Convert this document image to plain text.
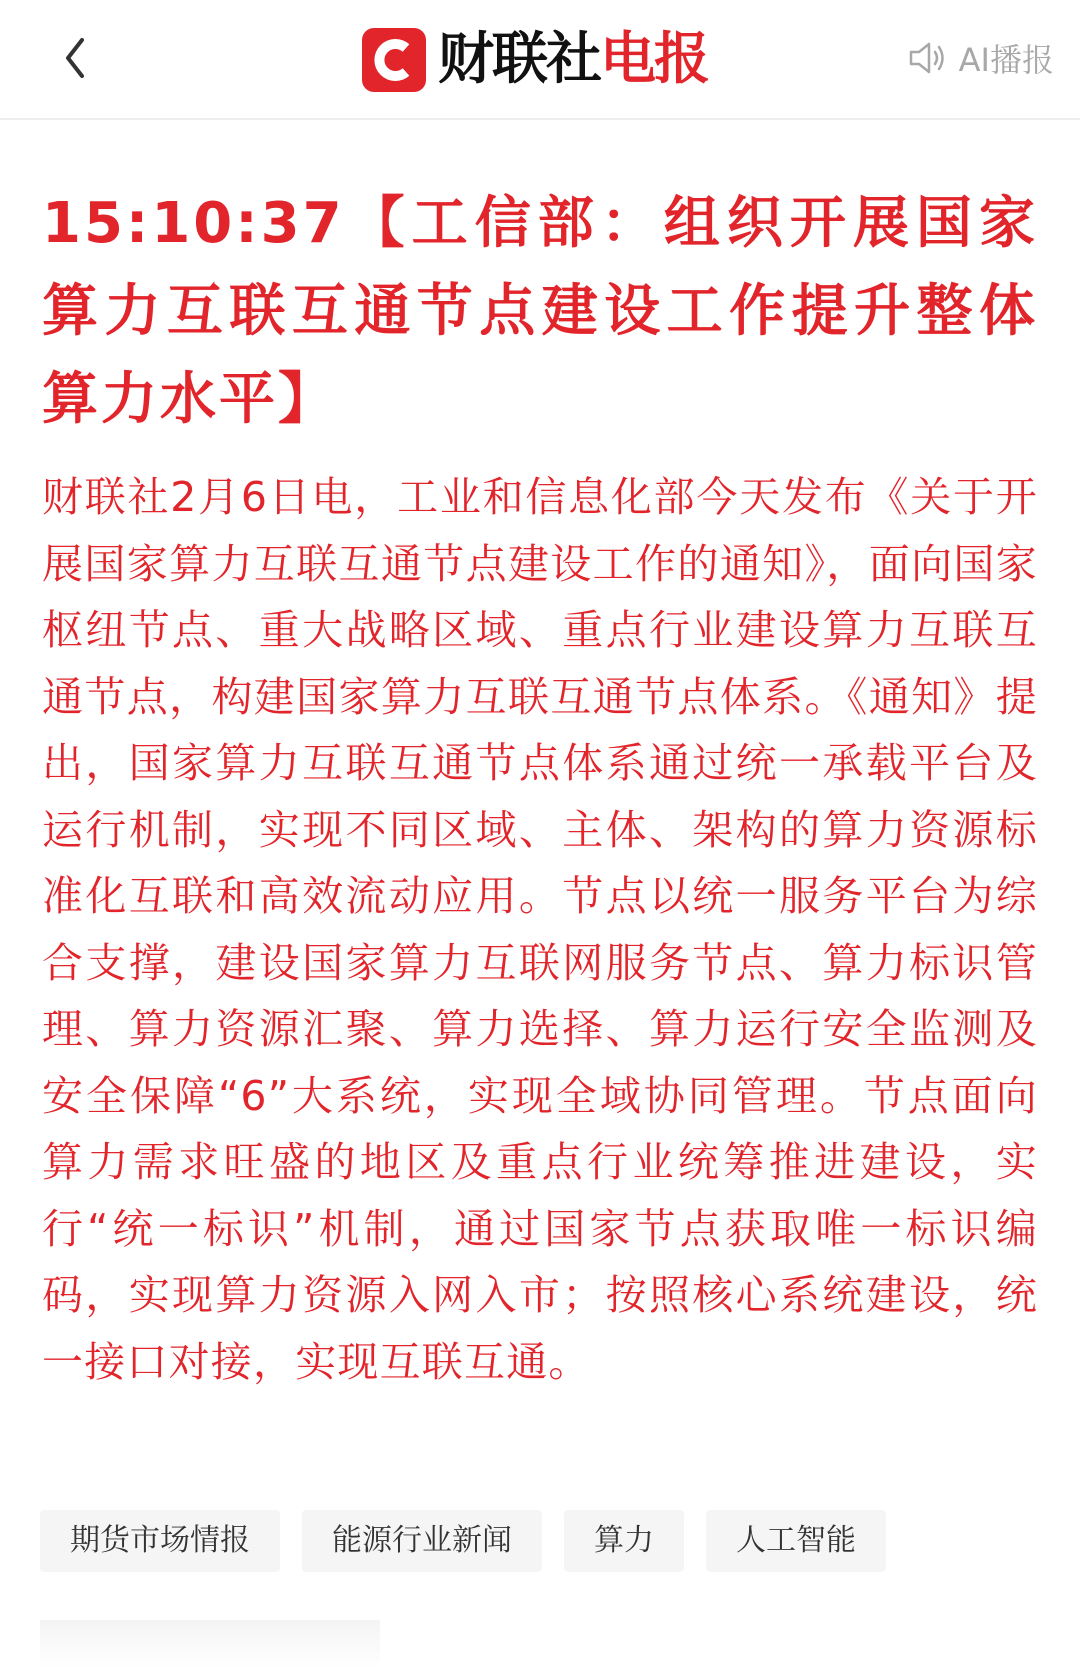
财联社电报	AI播报
15:10:37【工信部：组织开展国家算力互联互通节点建设工作提升整体算力水平】

财联社2月6日电，工业和信息化部今天发布《关于开展国家算力互联互通节点建设工作的通知》，面向国家枢纽节点、重大战略区域、重点行业建设算力互联互通节点，构建国家算力互联互通节点体系。《通知》提出，国家算力互联互通节点体系通过统一承载平台及运行机制，实现不同区域、主体、架构的算力资源标准化互联和高效流动应用。节点以统一服务平台为综合支撑，建设国家算力互联网服务节点、算力标识管理、算力资源汇聚、算力选择、算力运行安全监测及安全保障“6”大系统，实现全域协同管理。节点面向算力需求旺盛的地区及重点行业统筹推进建设，实行“统一标识”机制，通过国家节点获取唯一标识编码，实现算力资源入网入市；按照核心系统建设，统一接口对接，实现互联互通。

期货市场情报	能源行业新闻	算力	人工智能
